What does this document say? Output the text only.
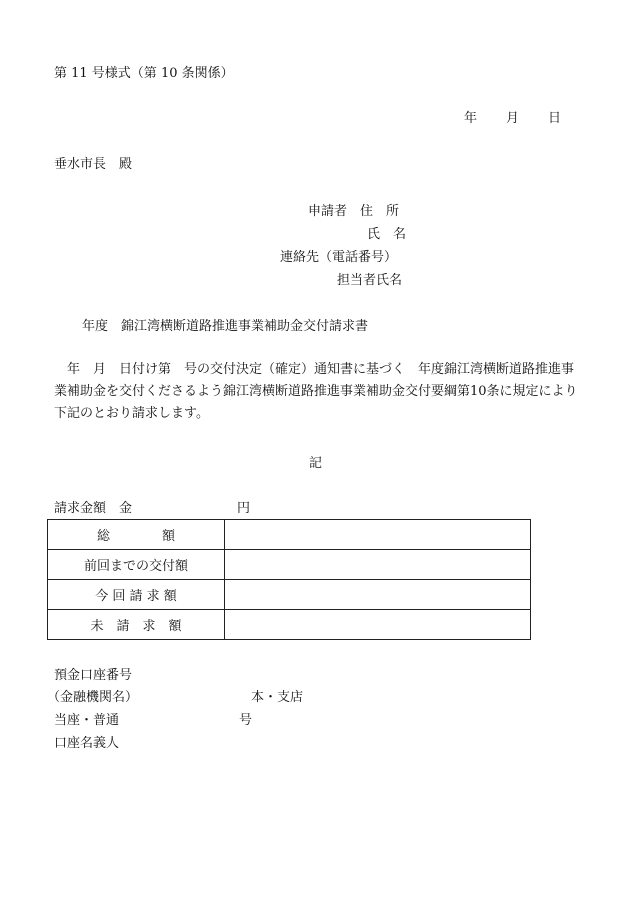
第 11 号様式（第 10 条関係）
年　　月　　日
垂水市長　殿
申請者　住　所
氏　名
連絡先（電話番号）
担当者氏名
年度　錦江湾横断道路推進事業補助金交付請求書
年　月　日付け第　号の交付決定（確定）通知書に基づく　年度錦江湾横断道路推進事業補助金を交付くださるよう錦江湾横断道路推進事業補助金交付要綱第10条に規定により下記のとおり請求します。
記
請求金額　金	円
総　　　　額	
前回までの交付額	
今 回 請 求 額	
未　請　求　額	
預金口座番号
（金融機関名）	本・支店
当座・普通	号
口座名義人
